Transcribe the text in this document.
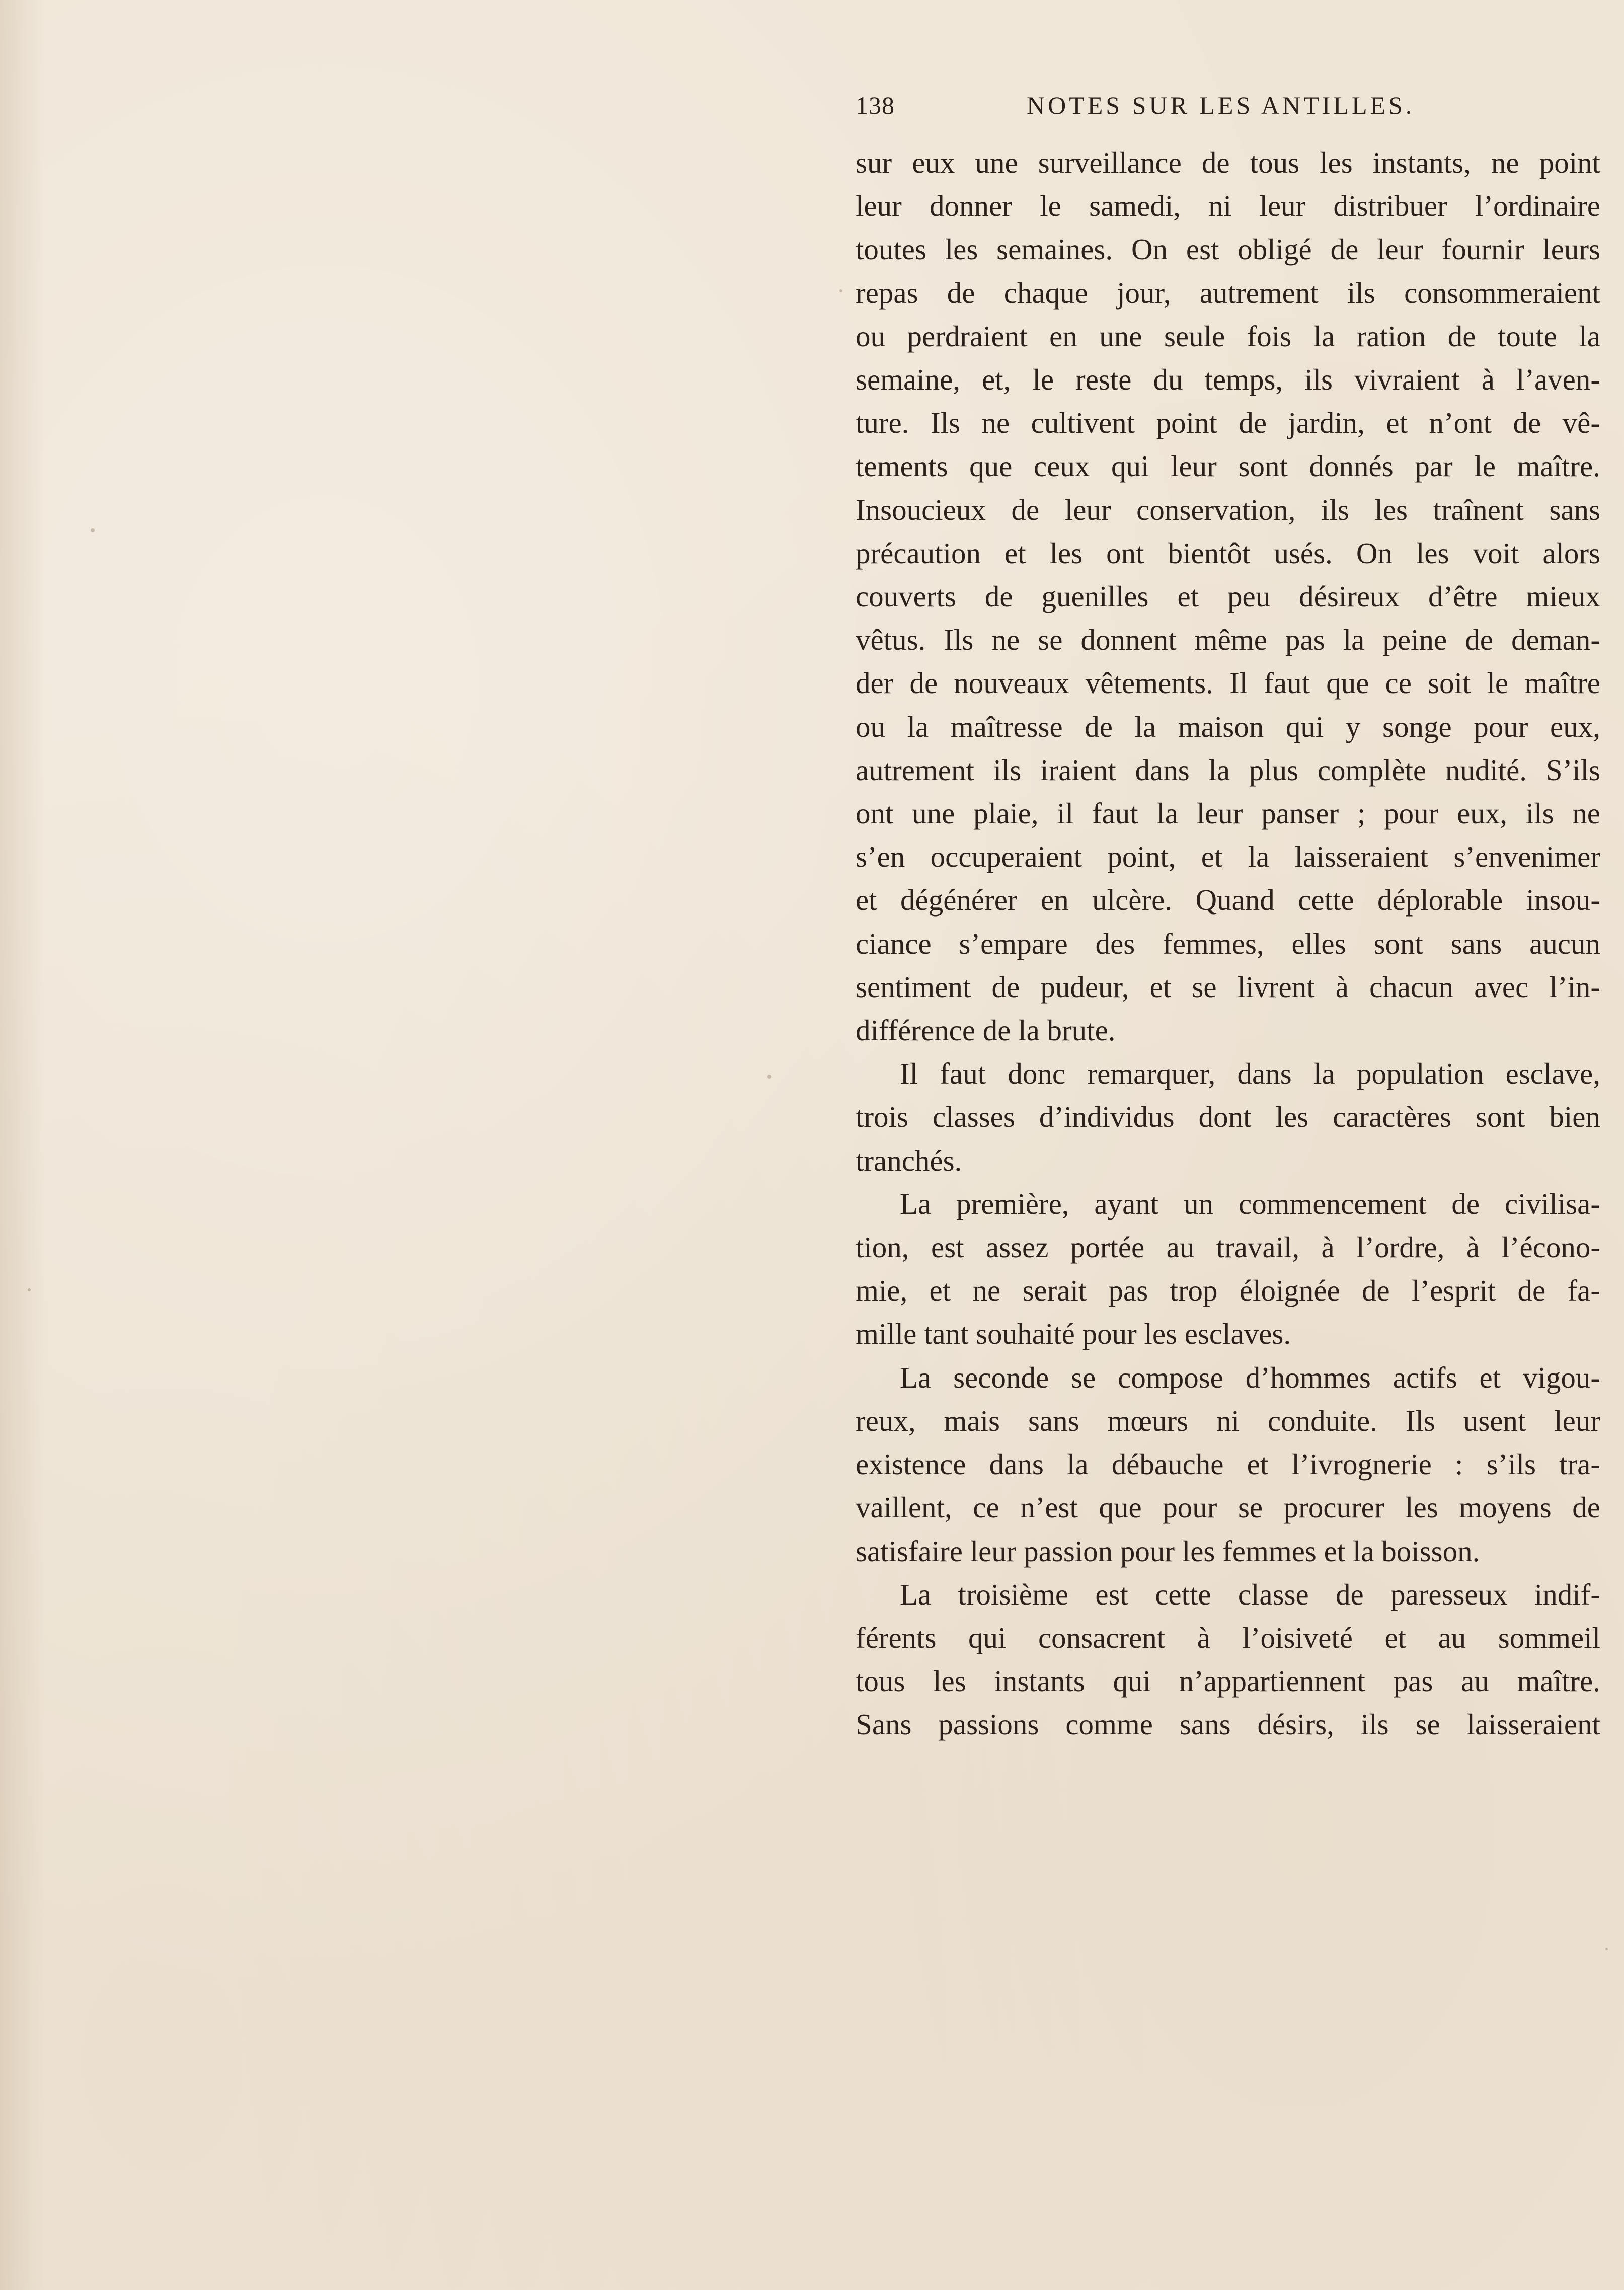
138	NOTES SUR LES ANTILLES.
sur eux une surveillance de tous les instants, ne point
leur donner le samedi, ni leur distribuer l’ordinaire
toutes les semaines. On est obligé de leur fournir leurs
repas de chaque jour, autrement ils consommeraient
ou perdraient en une seule fois la ration de toute la
semaine, et, le reste du temps, ils vivraient à l’aven-
ture. Ils ne cultivent point de jardin, et n’ont de vê-
tements que ceux qui leur sont donnés par le maître.
Insoucieux de leur conservation, ils les traînent sans
précaution et les ont bientôt usés. On les voit alors
couverts de guenilles et peu désireux d’être mieux
vêtus. Ils ne se donnent même pas la peine de deman-
der de nouveaux vêtements. Il faut que ce soit le maître
ou la maîtresse de la maison qui y songe pour eux,
autrement ils iraient dans la plus complète nudité. S’ils
ont une plaie, il faut la leur panser ; pour eux, ils ne
s’en occuperaient point, et la laisseraient s’envenimer
et dégénérer en ulcère. Quand cette déplorable insou-
ciance s’empare des femmes, elles sont sans aucun
sentiment de pudeur, et se livrent à chacun avec l’in-
différence de la brute.
Il faut donc remarquer, dans la population esclave,
trois classes d’individus dont les caractères sont bien
tranchés.
La première, ayant un commencement de civilisa-
tion, est assez portée au travail, à l’ordre, à l’écono-
mie, et ne serait pas trop éloignée de l’esprit de fa-
mille tant souhaité pour les esclaves.
La seconde se compose d’hommes actifs et vigou-
reux, mais sans mœurs ni conduite. Ils usent leur
existence dans la débauche et l’ivrognerie : s’ils tra-
vaillent, ce n’est que pour se procurer les moyens de
satisfaire leur passion pour les femmes et la boisson.
La troisième est cette classe de paresseux indif-
férents qui consacrent à l’oisiveté et au sommeil
tous les instants qui n’appartiennent pas au maître.
Sans passions comme sans désirs, ils se laisseraient
